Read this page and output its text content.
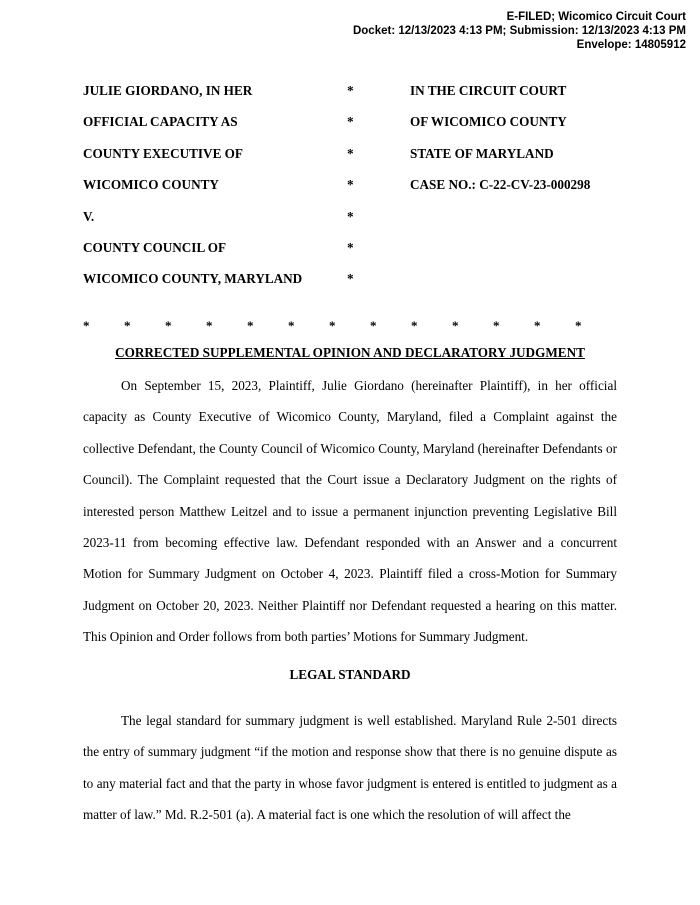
E-FILED; Wicomico Circuit Court
Docket: 12/13/2023 4:13 PM; Submission: 12/13/2023 4:13 PM
Envelope: 14805912
JULIE GIORDANO, IN HER	*	IN THE CIRCUIT COURT
OFFICIAL CAPACITY AS	*	OF WICOMICO COUNTY
COUNTY EXECUTIVE OF	*	STATE OF MARYLAND
WICOMICO COUNTY	*	CASE NO.: C-22-CV-23-000298
V.	*
COUNTY COUNCIL OF	*
WICOMICO COUNTY, MARYLAND	*
*	*	*	*	*	*	*	*	*	*	*	*	*
CORRECTED SUPPLEMENTAL OPINION AND DECLARATORY JUDGMENT

On September 15, 2023, Plaintiff, Julie Giordano (hereinafter Plaintiff), in her official capacity as County Executive of Wicomico County, Maryland, filed a Complaint against the collective Defendant, the County Council of Wicomico County, Maryland (hereinafter Defendants or Council). The Complaint requested that the Court issue a Declaratory Judgment on the rights of interested person Matthew Leitzel and to issue a permanent injunction preventing Legislative Bill 2023-11 from becoming effective law. Defendant responded with an Answer and a concurrent Motion for Summary Judgment on October 4, 2023. Plaintiff filed a cross-Motion for Summary Judgment on October 20, 2023. Neither Plaintiff nor Defendant requested a hearing on this matter. This Opinion and Order follows from both parties’ Motions for Summary Judgment.

LEGAL STANDARD

The legal standard for summary judgment is well established. Maryland Rule 2-501 directs the entry of summary judgment “if the motion and response show that there is no genuine dispute as to any material fact and that the party in whose favor judgment is entered is entitled to judgment as a matter of law.” Md. R.2-501 (a). A material fact is one which the resolution of will affect the
